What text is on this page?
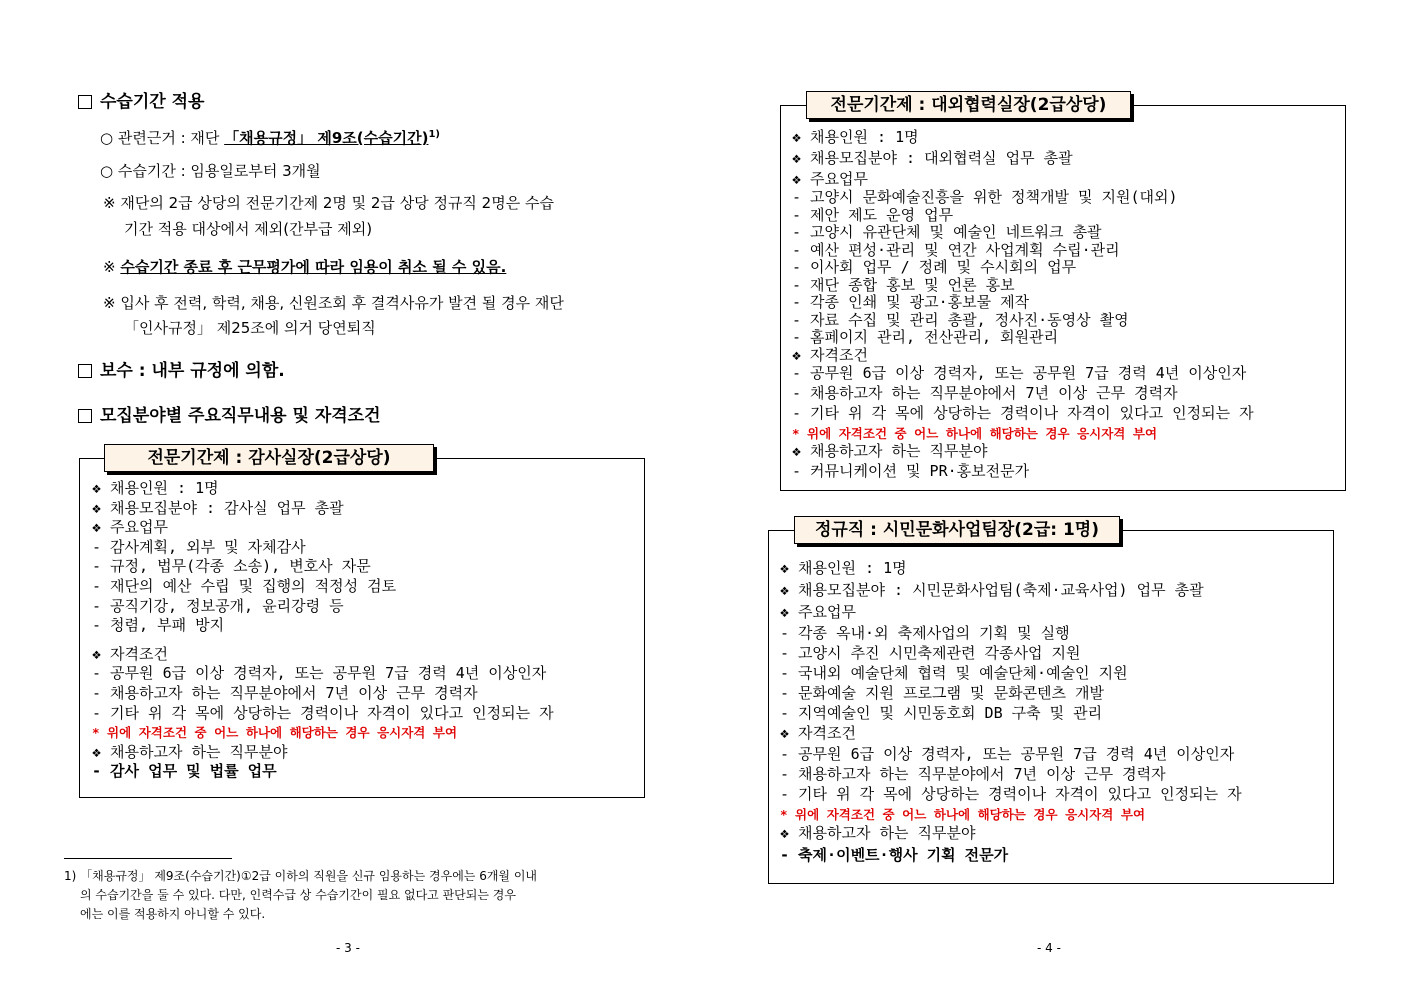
수습기간 적용
○ 관련근거 : 재단 「채용규정」 제9조(수습기간)$^{1)}$
○ 수습기간 : 임용일로부터 3개월
※ 재단의 2급 상당의 전문기간제 2명 및 2급 상당 정규직 2명은 수습
기간 적용 대상에서 제외(간부급 제외)
※ 수습기간 종료 후 근무평가에 따라 임용이 취소 될 수 있음.
※ 입사 후 전력, 학력, 채용, 신원조회 후 결격사유가 발견 될 경우 재단
「인사규정」 제25조에 의거 당연퇴직
보수 : 내부 규정에 의함.
모집분야별 주요직무내용 및 자격조건
전문기간제 : 감사실장(2급상당)
❖ 채용인원 : 1명
❖ 채용모집분야 : 감사실 업무 총괄
❖ 주요업무
- 감사계획, 외부 및 자체감사
- 규정, 법무(각종 소송), 변호사 자문
- 재단의 예산 수립 및 집행의 적정성 검토
- 공직기강, 정보공개, 윤리강령 등
- 청렴, 부패 방지
❖ 자격조건
- 공무원 6급 이상 경력자, 또는 공무원 7급 경력 4년 이상인자
- 채용하고자 하는 직무분야에서 7년 이상 근무 경력자
- 기타 위 각 목에 상당하는 경력이나 자격이 있다고 인정되는 자
* 위에 자격조건 중 어느 하나에 해당하는 경우 응시자격 부여
❖ 채용하고자 하는 직무분야
- 감사 업무 및 법률 업무
1) 「채용규정」 제9조(수습기간)①2급 이하의 직원을 신규 임용하는 경우에는 6개월 이내
의 수습기간을 둘 수 있다. 다만, 인력수급 상 수습기간이 필요 없다고 판단되는 경우
에는 이를 적용하지 아니할 수 있다.
- 3 -
전문기간제 : 대외협력실장(2급상당)
❖ 채용인원 : 1명
❖ 채용모집분야 : 대외협력실 업무 총괄
❖ 주요업무
- 고양시 문화예술진흥을 위한 정책개발 및 지원(대외)
- 제안 제도 운영 업무
- 고양시 유관단체 및 예술인 네트워크 총괄
- 예산 편성·관리 및 연간 사업계획 수립·관리
- 이사회 업무 / 정례 및 수시회의 업무
- 재단 종합 홍보 및 언론 홍보
- 각종 인쇄 및 광고·홍보물 제작
- 자료 수집 및 관리 총괄, 정사진·동영상 촬영
- 홈페이지 관리, 전산관리, 회원관리
❖ 자격조건
- 공무원 6급 이상 경력자, 또는 공무원 7급 경력 4년 이상인자
- 채용하고자 하는 직무분야에서 7년 이상 근무 경력자
- 기타 위 각 목에 상당하는 경력이나 자격이 있다고 인정되는 자
* 위에 자격조건 중 어느 하나에 해당하는 경우 응시자격 부여
❖ 채용하고자 하는 직무분야
- 커뮤니케이션 및 PR·홍보전문가
정규직 : 시민문화사업팀장(2급: 1명)
❖ 채용인원 : 1명
❖ 채용모집분야 : 시민문화사업팀(축제·교육사업) 업무 총괄
❖ 주요업무
- 각종 옥내·외 축제사업의 기획 및 실행
- 고양시 추진 시민축제관련 각종사업 지원
- 국내외 예술단체 협력 및 예술단체·예술인 지원
- 문화예술 지원 프로그램 및 문화콘텐츠 개발
- 지역예술인 및 시민동호회 DB 구축 및 관리
❖ 자격조건
- 공무원 6급 이상 경력자, 또는 공무원 7급 경력 4년 이상인자
- 채용하고자 하는 직무분야에서 7년 이상 근무 경력자
- 기타 위 각 목에 상당하는 경력이나 자격이 있다고 인정되는 자
* 위에 자격조건 중 어느 하나에 해당하는 경우 응시자격 부여
❖ 채용하고자 하는 직무분야
- 축제·이벤트·행사 기획 전문가
- 4 -
